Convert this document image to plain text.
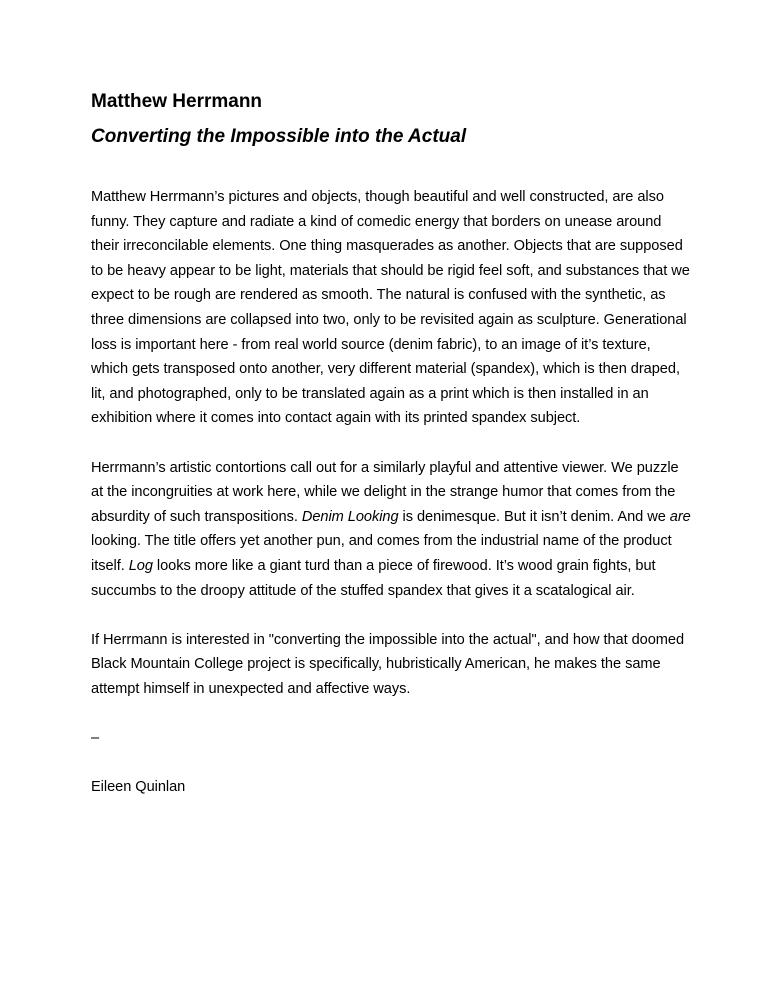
Matthew Herrmann
Converting the Impossible into the Actual

Matthew Herrmann’s pictures and objects, though beautiful and well constructed, are also funny. They capture and radiate a kind of comedic energy that borders on unease around their irreconcilable elements. One thing masquerades as another. Objects that are supposed to be heavy appear to be light, materials that should be rigid feel soft, and substances that we expect to be rough are rendered as smooth. The natural is confused with the synthetic, as three dimensions are collapsed into two, only to be revisited again as sculpture. Generational loss is important here - from real world source (denim fabric), to an image of it’s texture, which gets transposed onto another, very different material (spandex), which is then draped, lit, and photographed, only to be translated again as a print which is then installed in an exhibition where it comes into contact again with its printed spandex subject.

Herrmann’s artistic contortions call out for a similarly playful and attentive viewer. We puzzle at the incongruities at work here, while we delight in the strange humor that comes from the absurdity of such transpositions. Denim Looking is denimesque. But it isn’t denim. And we are looking. The title offers yet another pun, and comes from the industrial name of the product itself. Log looks more like a giant turd than a piece of firewood. It’s wood grain fights, but succumbs to the droopy attitude of the stuffed spandex that gives it a scatalogical air.

If Herrmann is interested in "converting the impossible into the actual", and how that doomed Black Mountain College project is specifically, hubristically American, he makes the same attempt himself in unexpected and affective ways.

–

Eileen Quinlan
